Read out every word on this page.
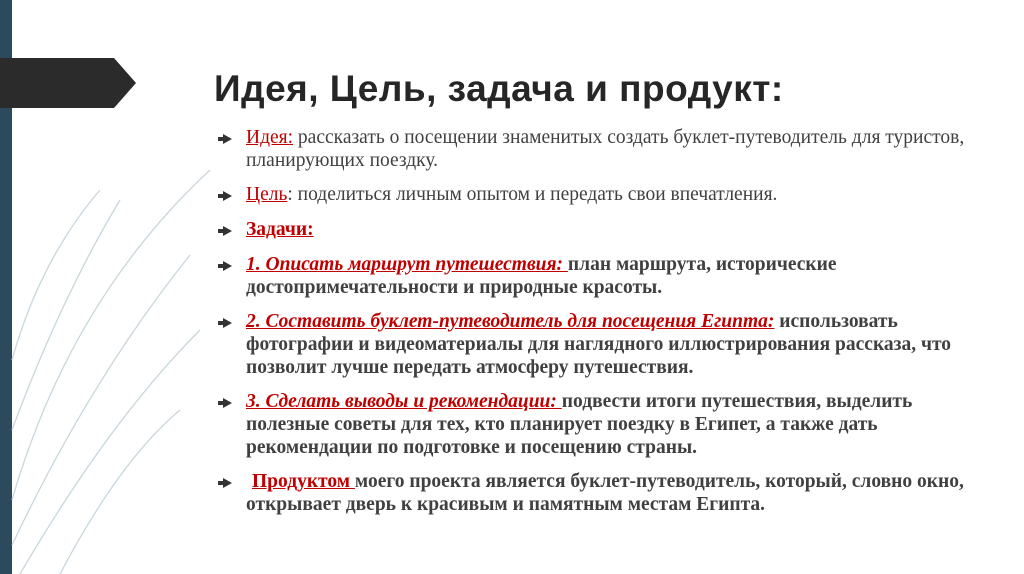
Идея, Цель, задача и продукт:
Идея: рассказать о посещении знаменитых создать буклет-путеводитель для туристов, планирующих поездку.
Цель: поделиться личным опытом и передать свои впечатления.
Задачи:
1. Описать маршрут путешествия: план маршрута, исторические достопримечательности и природные красоты.
2. Составить буклет-путеводитель для посещения Египта: использовать фотографии и видеоматериалы для наглядного иллюстрирования рассказа, что позволит лучше передать атмосферу путешествия.
3. Сделать выводы и рекомендации: подвести итоги путешествия, выделить полезные советы для тех, кто планирует поездку в Египет, а также дать рекомендации по подготовке и посещению страны.
Продуктом моего проекта является буклет-путеводитель, который, словно окно, открывает дверь к красивым и памятным местам Египта.
